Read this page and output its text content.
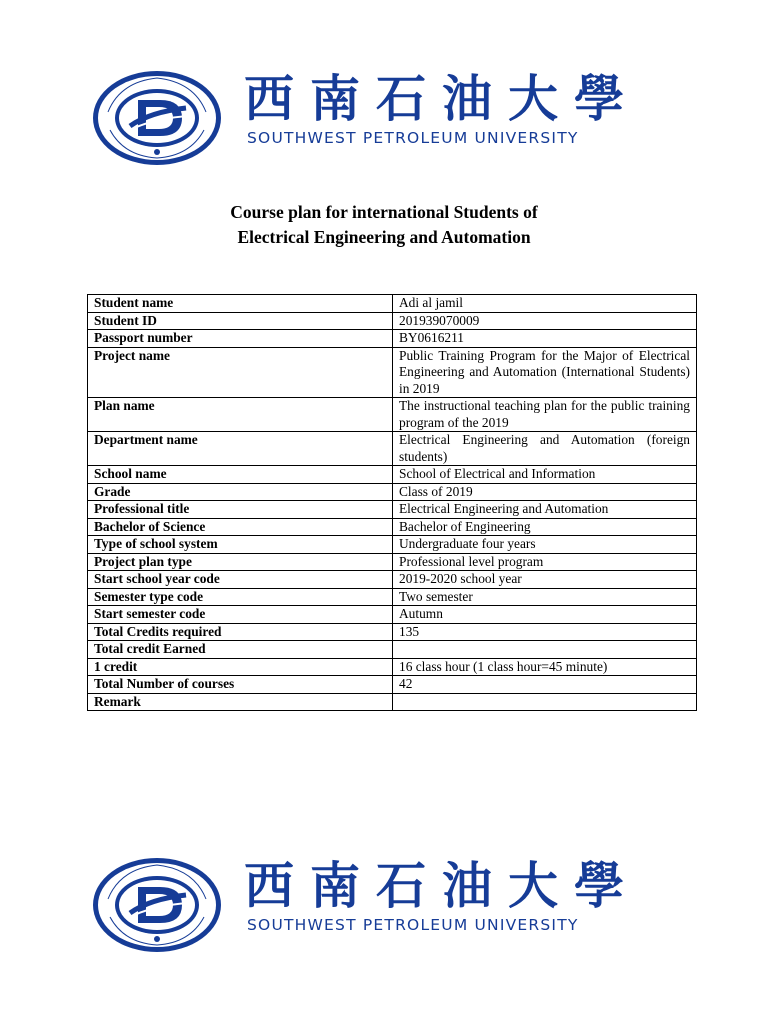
西南石油大學
SOUTHWEST PETROLEUM UNIVERSITY
Course plan for international Students of
Electrical Engineering and Automation
Student name	Adi al jamil
Student ID	201939070009
Passport number	BY0616211
Project name	Public Training Program for the Major of Electrical Engineering and Automation (International Students) in 2019
Plan name	The instructional teaching plan for the public training program of the 2019
Department name	Electrical Engineering and Automation (foreign students)
School name	School of Electrical and Information
Grade	Class of 2019
Professional title	Electrical Engineering and Automation
Bachelor of Science	Bachelor of Engineering
Type of school system	Undergraduate four years
Project plan type	Professional level program
Start school year code	2019-2020 school year
Semester type code	Two semester
Start semester code	Autumn
Total Credits required	135
Total credit Earned	
1 credit	16 class hour (1 class hour=45 minute)
Total Number of courses	42
Remark	
西南石油大學
SOUTHWEST PETROLEUM UNIVERSITY
